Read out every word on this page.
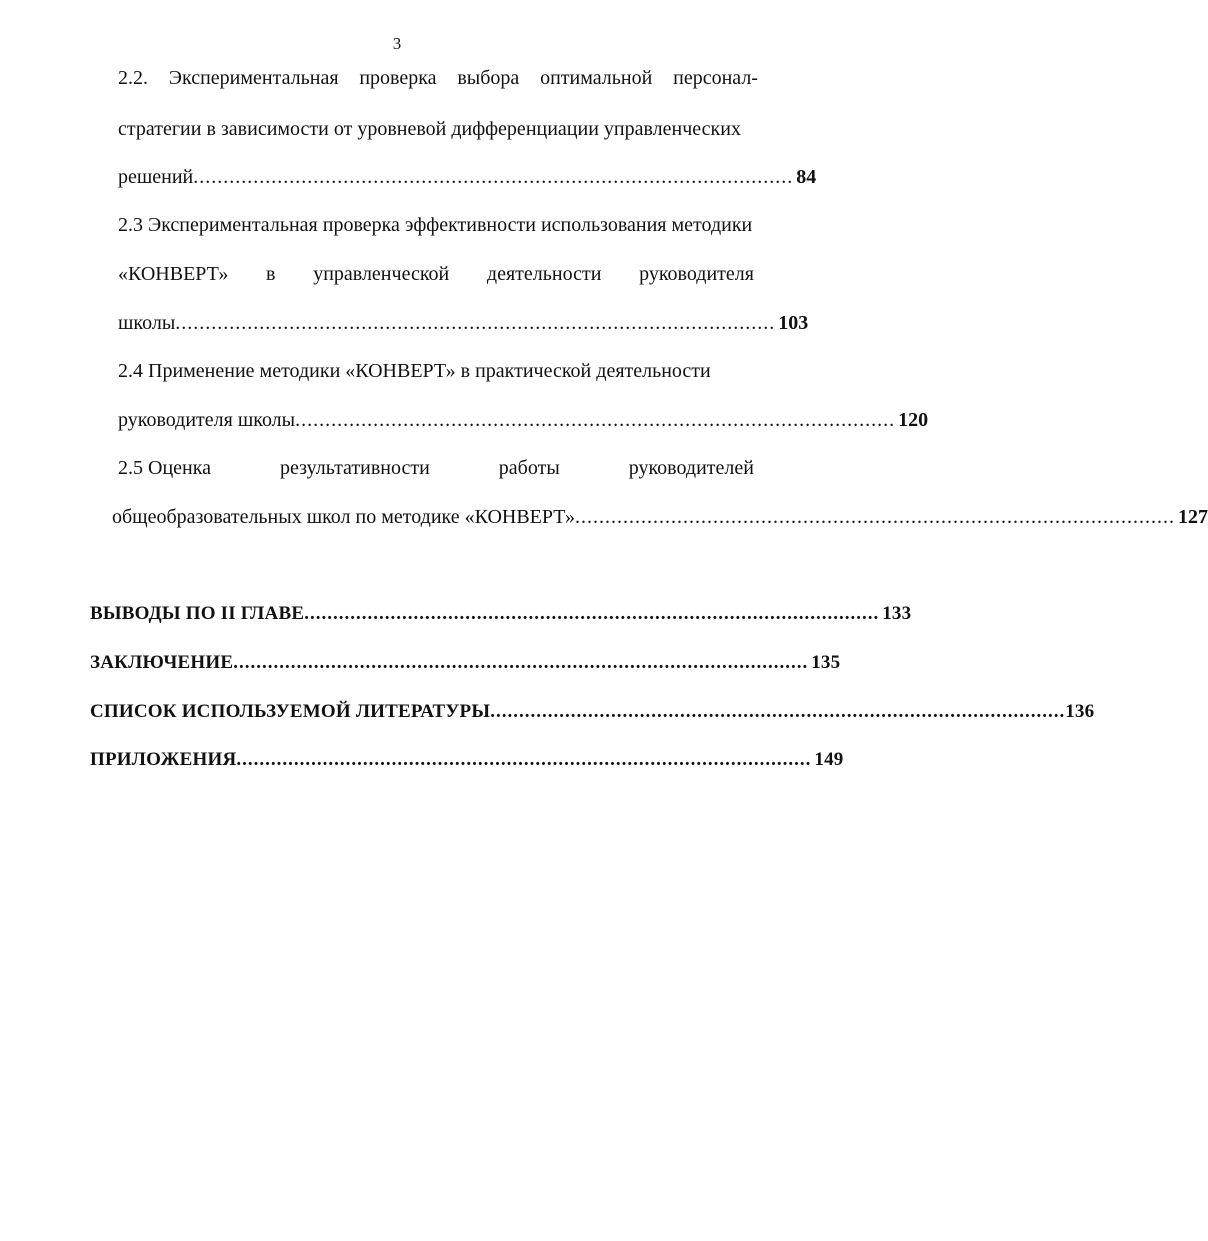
3
2.2. Экспериментальная проверка выбора оптимальной персонал-
стратегии в зависимости от уровневой дифференциации управленческих
решений .................................................................................................... 84
2.3 Экспериментальная проверка эффективности использования методики
«КОНВЕРТ» в управленческой деятельности руководителя
школы .................................................................................................... 103
2.4 Применение методики «КОНВЕРТ» в практической деятельности
руководителя школы .................................................................................................... 120
2.5 Оценка	результативности	работы	руководителей
общеобразовательных школ по методике «КОНВЕРТ» .................................................................................................... 127
ВЫВОДЫ ПО II ГЛАВЕ .................................................................................................... 133
ЗАКЛЮЧЕНИЕ .................................................................................................... 135
СПИСОК ИСПОЛЬЗУЕМОЙ ЛИТЕРАТУРЫ .................................................................................................... 136
ПРИЛОЖЕНИЯ .................................................................................................... 149
